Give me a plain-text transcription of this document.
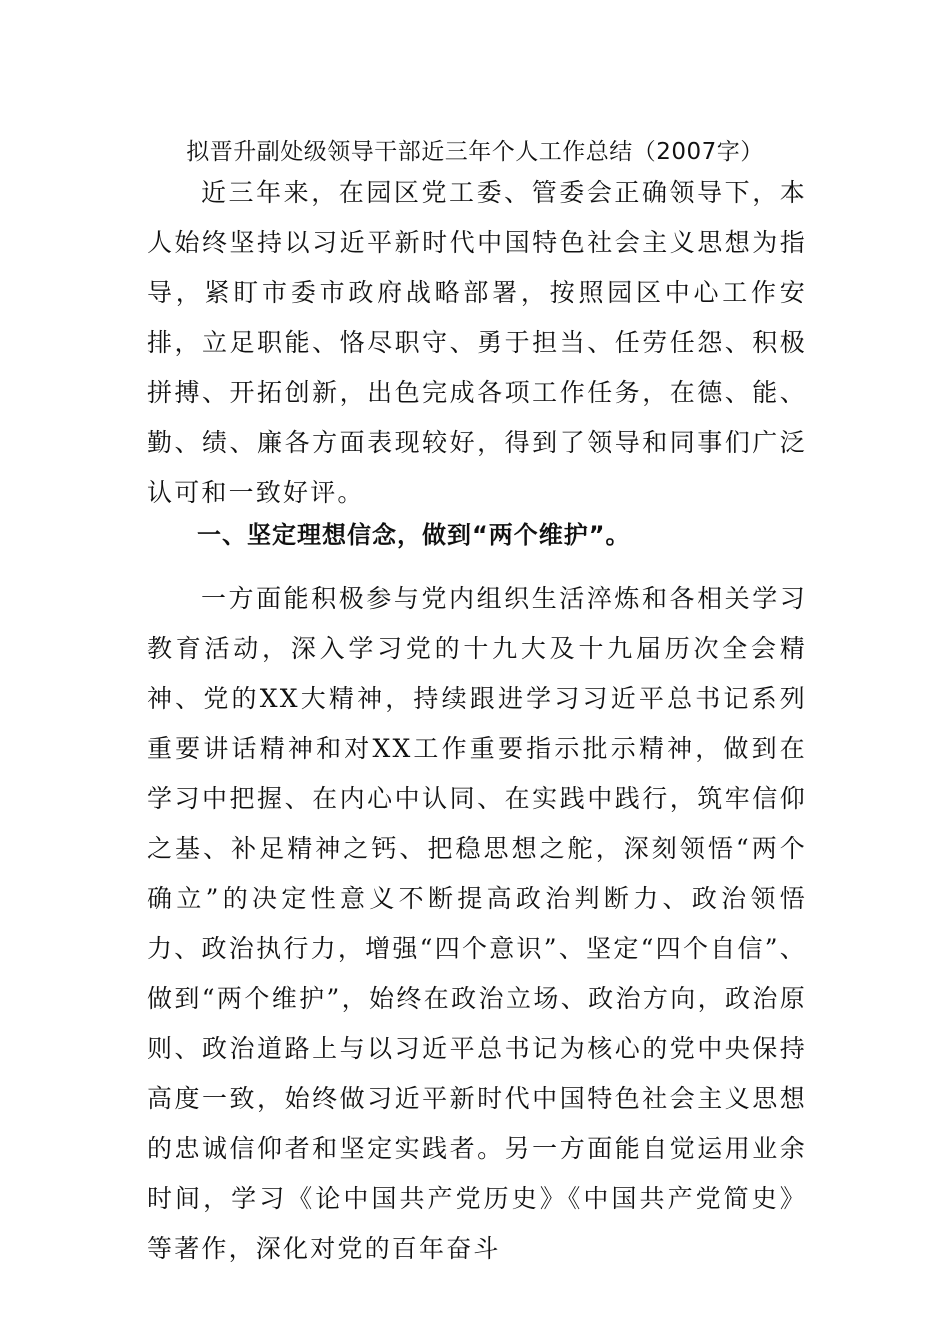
拟晋升副处级领导干部近三年个人工作总结（2007字）

近三年来，在园区党工委、管委会正确领导下，本人始终坚持以习近平新时代中国特色社会主义思想为指导，紧盯市委市政府战略部署，按照园区中心工作安排，立足职能、恪尽职守、勇于担当、任劳任怨、积极拼搏、开拓创新，出色完成各项工作任务，在德、能、勤、绩、廉各方面表现较好，得到了领导和同事们广泛认可和一致好评。

一、坚定理想信念，做到“两个维护”。

一方面能积极参与党内组织生活淬炼和各相关学习教育活动，深入学习党的十九大及十九届历次全会精神、党的XX大精神，持续跟进学习习近平总书记系列重要讲话精神和对XX工作重要指示批示精神，做到在学习中把握、在内心中认同、在实践中践行，筑牢信仰之基、补足精神之钙、把稳思想之舵，深刻领悟“两个确立”的决定性意义不断提高政治判断力、政治领悟力、政治执行力，增强“四个意识”、坚定“四个自信”、做到“两个维护”，始终在政治立场、政治方向，政治原则、政治道路上与以习近平总书记为核心的党中央保持高度一致，始终做习近平新时代中国特色社会主义思想的忠诚信仰者和坚定实践者。另一方面能自觉运用业余时间，学习《论中国共产党历史》《中国共产党简史》等著作，深化对党的百年奋斗
